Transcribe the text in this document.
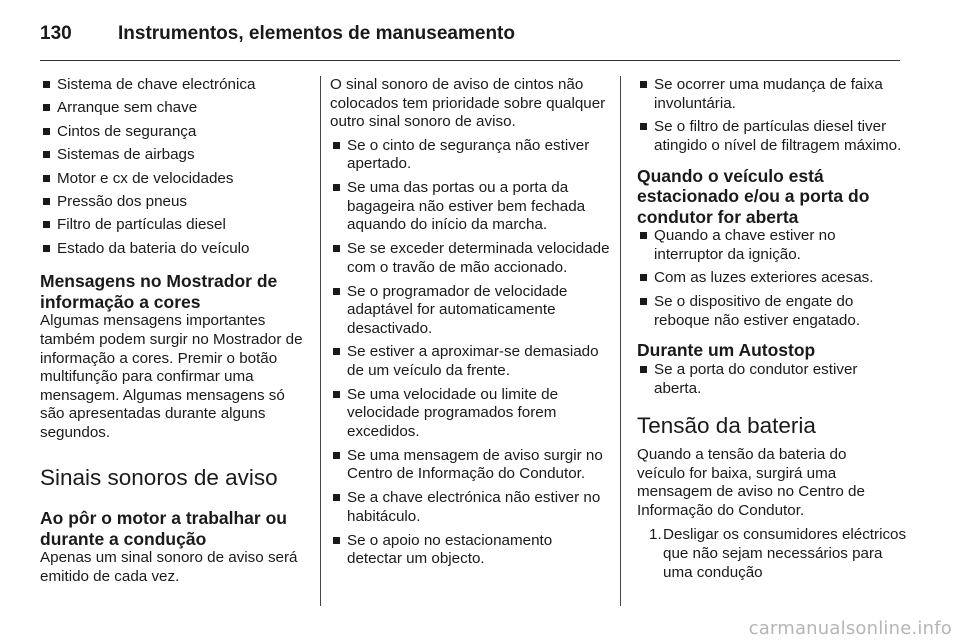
130	Instrumentos, elementos de manuseamento
Sistema de chave electrónica
Arranque sem chave
Cintos de segurança
Sistemas de airbags
Motor e cx de velocidades
Pressão dos pneus
Filtro de partículas diesel
Estado da bateria do veículo
Mensagens no Mostrador de informação a cores

Algumas mensagens importantes também podem surgir no Mostrador de informação a cores. Premir o botão multifunção para confirmar uma mensagem. Algumas mensagens só são apresentadas durante alguns segundos.

Sinais sonoros de aviso
Ao pôr o motor a trabalhar ou durante a condução

Apenas um sinal sonoro de aviso será emitido de cada vez.

O sinal sonoro de aviso de cintos não colocados tem prioridade sobre qualquer outro sinal sonoro de aviso.

Se o cinto de segurança não estiver apertado.
Se uma das portas ou a porta da bagageira não estiver bem fechada aquando do início da marcha.
Se se exceder determinada velocidade com o travão de mão accionado.
Se o programador de velocidade adaptável for automaticamente desactivado.
Se estiver a aproximar-se demasiado de um veículo da frente.
Se uma velocidade ou limite de velocidade programados forem excedidos.
Se uma mensagem de aviso surgir no Centro de Informação do Condutor.
Se a chave electrónica não estiver no habitáculo.
Se o apoio no estacionamento detectar um objecto.
Se ocorrer uma mudança de faixa involuntária.
Se o filtro de partículas diesel tiver atingido o nível de filtragem máximo.
Quando o veículo está estacionado e/ou a porta do condutor for aberta
Quando a chave estiver no interruptor da ignição.
Com as luzes exteriores acesas.
Se o dispositivo de engate do reboque não estiver engatado.
Durante um Autostop
Se a porta do condutor estiver aberta.
Tensão da bateria

Quando a tensão da bateria do veículo for baixa, surgirá uma mensagem de aviso no Centro de Informação do Condutor.

1. Desligar os consumidores eléctricos que não sejam necessários para uma condução
carmanualsonline.info
